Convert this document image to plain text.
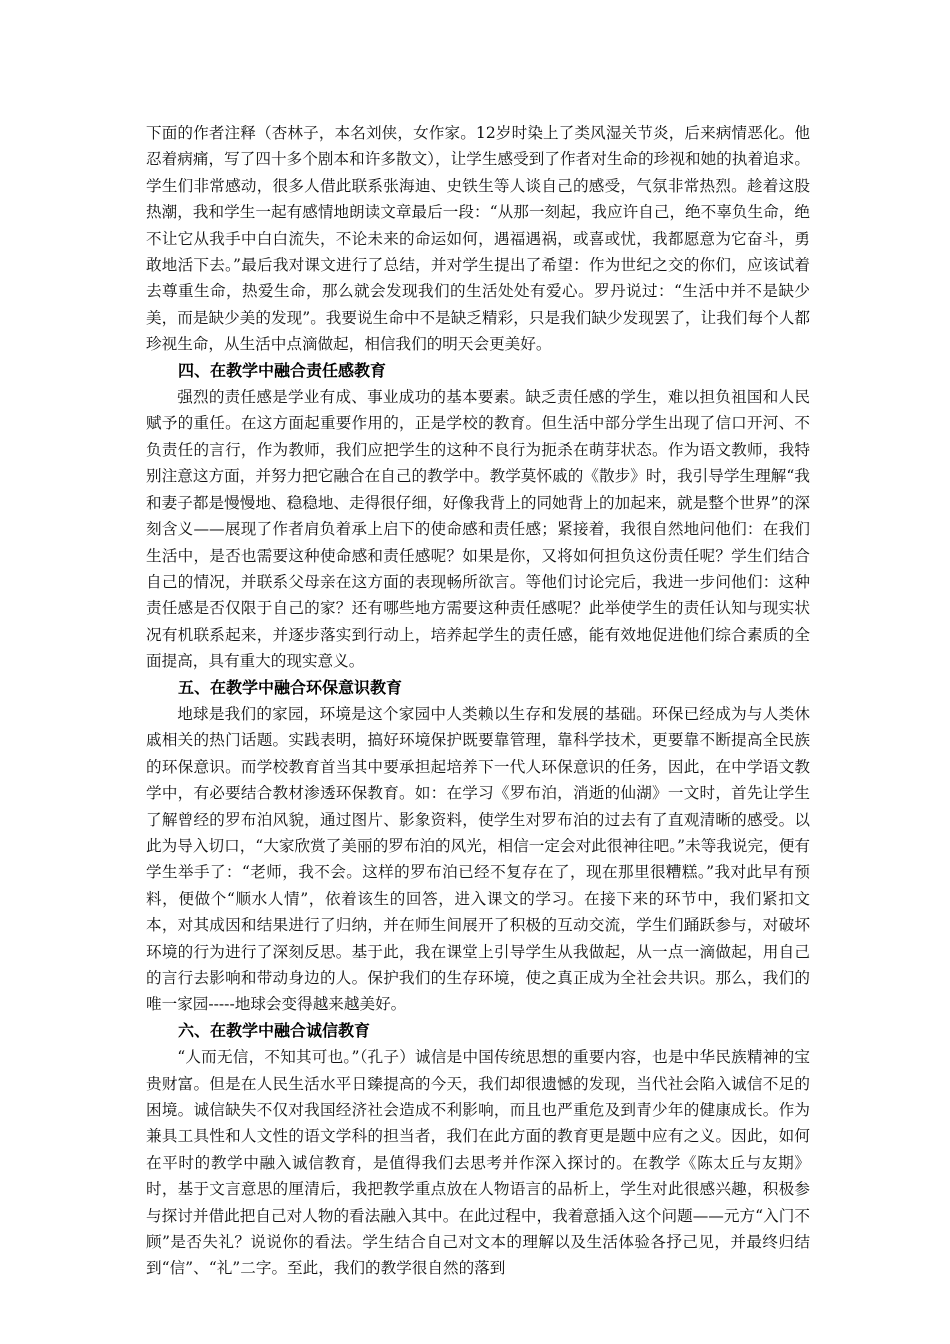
下面的作者注释（杏林子，本名刘侠，女作家。12岁时染上了类风湿关节炎，后来病情恶化。他忍着病痛，写了四十多个剧本和许多散文），让学生感受到了作者对生命的珍视和她的执着追求。学生们非常感动，很多人借此联系张海迪、史铁生等人谈自己的感受，气氛非常热烈。趁着这股热潮，我和学生一起有感情地朗读文章最后一段：“从那一刻起，我应许自己，绝不辜负生命，绝不让它从我手中白白流失，不论未来的命运如何，遇福遇祸，或喜或忧，我都愿意为它奋斗，勇敢地活下去。”最后我对课文进行了总结，并对学生提出了希望：作为世纪之交的你们，应该试着去尊重生命，热爱生命，那么就会发现我们的生活处处有爱心。罗丹说过：“生活中并不是缺少美，而是缺少美的发现”。我要说生命中不是缺乏精彩，只是我们缺少发现罢了，让我们每个人都珍视生命，从生活中点滴做起，相信我们的明天会更美好。

四、在教学中融合责任感教育

强烈的责任感是学业有成、事业成功的基本要素。缺乏责任感的学生，难以担负祖国和人民赋予的重任。在这方面起重要作用的，正是学校的教育。但生活中部分学生出现了信口开河、不负责任的言行，作为教师，我们应把学生的这种不良行为扼杀在萌芽状态。作为语文教师，我特别注意这方面，并努力把它融合在自己的教学中。教学莫怀戚的《散步》时，我引导学生理解“我和妻子都是慢慢地、稳稳地、走得很仔细，好像我背上的同她背上的加起来，就是整个世界”的深刻含义——展现了作者肩负着承上启下的使命感和责任感；紧接着，我很自然地问他们：在我们生活中，是否也需要这种使命感和责任感呢？如果是你，又将如何担负这份责任呢？学生们结合自己的情况，并联系父母亲在这方面的表现畅所欲言。等他们讨论完后，我进一步问他们：这种责任感是否仅限于自己的家？还有哪些地方需要这种责任感呢？此举使学生的责任认知与现实状况有机联系起来，并逐步落实到行动上，培养起学生的责任感，能有效地促进他们综合素质的全面提高，具有重大的现实意义。

五、在教学中融合环保意识教育

地球是我们的家园，环境是这个家园中人类赖以生存和发展的基础。环保已经成为与人类休戚相关的热门话题。实践表明，搞好环境保护既要靠管理，靠科学技术，更要靠不断提高全民族的环保意识。而学校教育首当其中要承担起培养下一代人环保意识的任务，因此，在中学语文教学中，有必要结合教材渗透环保教育。如：在学习《罗布泊，消逝的仙湖》一文时，首先让学生了解曾经的罗布泊风貌，通过图片、影象资料，使学生对罗布泊的过去有了直观清晰的感受。以此为导入切口，“大家欣赏了美丽的罗布泊的风光，相信一定会对此很神往吧。”未等我说完，便有学生举手了：“老师，我不会。这样的罗布泊已经不复存在了，现在那里很糟糕。”我对此早有预料，便做个“顺水人情”，依着该生的回答，进入课文的学习。在接下来的环节中，我们紧扣文本，对其成因和结果进行了归纳，并在师生间展开了积极的互动交流，学生们踊跃参与，对破坏环境的行为进行了深刻反思。基于此，我在课堂上引导学生从我做起，从一点一滴做起，用自己的言行去影响和带动身边的人。保护我们的生存环境，使之真正成为全社会共识。那么，我们的唯一家园-----地球会变得越来越美好。

六、在教学中融合诚信教育

“人而无信，不知其可也。”（孔子）诚信是中国传统思想的重要内容，也是中华民族精神的宝贵财富。但是在人民生活水平日臻提高的今天，我们却很遗憾的发现，当代社会陷入诚信不足的困境。诚信缺失不仅对我国经济社会造成不利影响，而且也严重危及到青少年的健康成长。作为兼具工具性和人文性的语文学科的担当者，我们在此方面的教育更是题中应有之义。因此，如何在平时的教学中融入诚信教育，是值得我们去思考并作深入探讨的。在教学《陈太丘与友期》时，基于文言意思的厘清后，我把教学重点放在人物语言的品析上，学生对此很感兴趣，积极参与探讨并借此把自己对人物的看法融入其中。在此过程中，我着意插入这个问题——元方“入门不顾”是否失礼？说说你的看法。学生结合自己对文本的理解以及生活体验各抒己见，并最终归结到“信”、“礼”二字。至此，我们的教学很自然的落到
